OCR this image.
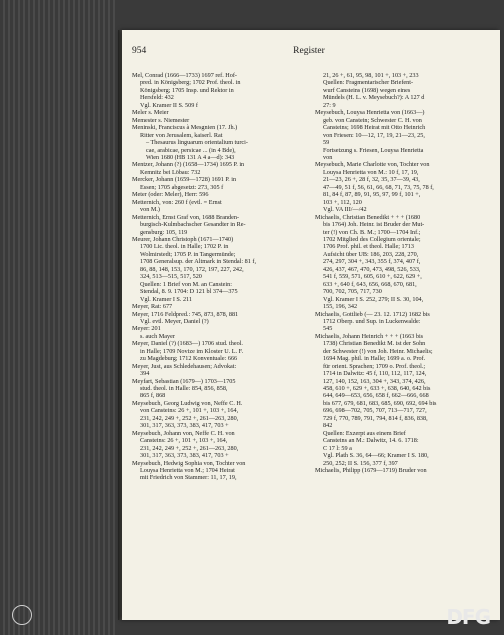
954	Register
Mel, Conrad (1666—1733) 1697 ref. Hof-
pred. in Königsberg; 1702 Prof. theol. in
Königsberg; 1705 Insp. und Rektor in
Hersfeld: 432
Vgl. Kramer II S. 509 f
Meler s. Meier
Memester s. Niemester
Meninski, Franciscus à Mesgnien (17. Jh.)
Ritter von Jerusalem, kaiserl. Rat
– Thesaurus linguarum orientalium turci-
cae, arabicae, persicae ... (in 4 Bde),
Wien 1680 (HB 131 A 4 a—d): 343
Mentzer, Johann (?) (1658—1734) 1695 P. in
Kemnitz bei Löbau: 732
Mercker, Johann (1659—1728) 1691 P. in
Essen; 1705 abgesetzt: 273, 305 f
Meter (oder: Meler), Herr: 596
Metternich, von: 260 f (evtl. = Ernst
von M.)
Metternich, Ernst Graf von, 1688 Branden-
burgisch-Kulmbachscher Gesandter in Re-
gensburg: 105, 119
Meurer, Johann Christoph (1671—1740)
1700 Lic. theol. in Halle; 1702 P. in
Wolmirstedt; 1705 P. in Tangermünde;
1708 Generalsup. der Altmark in Stendal: 81 f,
86, 88, 148, 153, 170, 172, 197, 227, 242,
324, 513—515, 517, 520
Quellen: 1 Brief von M. an Canstein:
Stendal, 8. 9. 1704: D 121 bl 374—375
Vgl. Kramer I S. 211
Meyer, Rat: 677
Meyer, 1716 Feldpred.: 745, 873, 878, 881
Vgl. evtl. Meyer, Daniel (?)
Meyer: 201
s. auch Mayer
Meyer, Daniel (?) (1683—) 1706 stud. theol.
in Halle; 1709 Novize im Kloster U. L. F.
zu Magdeburg; 1712 Konventuale: 666
Meyer, Just, aus Schledehausen; Advokat:
394
Meyfart, Sebastian (1679—) 1703—1705
stud. theol. in Halle: 854, 856, 858,
865 f, 868
Meysebuch, Georg Ludwig von, Neffe C. H.
von Cansteins: 26 +, 101 +, 103 +, 164,
231, 242, 249 +, 252 +, 261—263, 280,
301, 317, 363, 373, 383, 417, 703 +
Meysebuch, Johann von, Neffe C. H. von
Cansteins: 26 +, 101 +, 103 +, 164,
231, 242, 249 +, 252 +, 261—263, 280,
301, 317, 363, 373, 383, 417, 703 +
Meysebuch, Hedwig Sophia von, Tochter von
Louysa Henrietta von M.; 1704 Heirat
mit Friedrich von Stammer: 11, 17, 19,
21, 26 +, 61, 95, 98, 101 +, 103 +, 233
Quellen: Fragmentarischer Briefent-
wurf Cansteins (1698) wegen eines
Mündels (H. L. v. Meysebuch?): A 127 d
27: 9
Meysebuch, Louysa Henrietta von (1663—)
geb. von Canstein; Schwester C. H. von
Cansteins; 1698 Heirat mit Otto Heinrich
von Friesen: 10—12, 17, 19, 21—23, 25,
59
Fortsetzung s. Friesen, Louysa Henrietta
von
Meysebuch, Marie Charlotte von, Tochter von
Louysa Henrietta von M.: 10 f, 17, 19,
21—23, 26 +, 28 f, 32, 35, 37—39, 43,
47—49, 51 f, 56, 61, 66, 68, 71, 73, 75, 78 f,
81, 84 f, 87, 89, 91, 95, 97, 99 f, 101 +,
103 +, 112, 120
Vgl. VA III/—/42
Michaelis, Christian Benedikt + + + (1680
bis 1764) Joh. Heinr. ist Bruder der Mut-
ter (!) von Ch. B. M.; 1700—1704 Inf.;
1702 Mitglied des Collegium orientale;
1706 Prof. phil. et theol. Halle; 1713
Aufsicht über UB: 186, 203, 228, 270,
274, 297, 304 +, 343, 355 f, 374, 407 f,
426, 437, 467, 470, 473, 498, 526, 533,
541 f, 559, 571, 605, 610 +, 622, 629 +,
633 +, 640 f, 643, 656, 668, 670, 681,
700, 702, 705, 717, 730
Vgl. Kramer I S. 252, 279; II S. 30, 104,
155, 196, 342
Michaelis, Gottlieb (— 23. 12. 1712) 1682 bis
1712 Oberp. und Sup. in Luckenwalde:
545
Michaelis, Johann Heinrich + + + (1663 bis
1738) Christian Benedikt M. ist der Sohn
der Schwester (!) von Joh. Heinr. Michaelis;
1694 Mag. phil. in Halle; 1699 a. o. Prof.
für orient. Sprachen; 1709 o. Prof. theol.;
1714 in Dalwitz: 45 f, 110, 112, 117, 124,
127, 140, 152, 163, 304 +, 343, 374, 426,
458, 610 +, 629 +, 633 +, 638, 640, 642 bis
644, 649—653, 656, 658 f, 662—666, 668
bis 677, 679, 681, 683, 685, 690, 692, 694 bis
696, 698—702, 705, 707, 713—717, 727,
729 f, 770, 789, 791, 794, 814 f, 836, 838,
842
Quellen: Exzerpt aus einem Brief
Cansteins an M.: Dalwitz, 14. 6. 1718:
C 17 l: 59 a
Vgl. Plath S. 36, 64—66; Kramer I S. 180,
250, 252; II S. 156, 377 f, 397
Michaelis, Philipp (1679—1719) Bruder von
DFG
